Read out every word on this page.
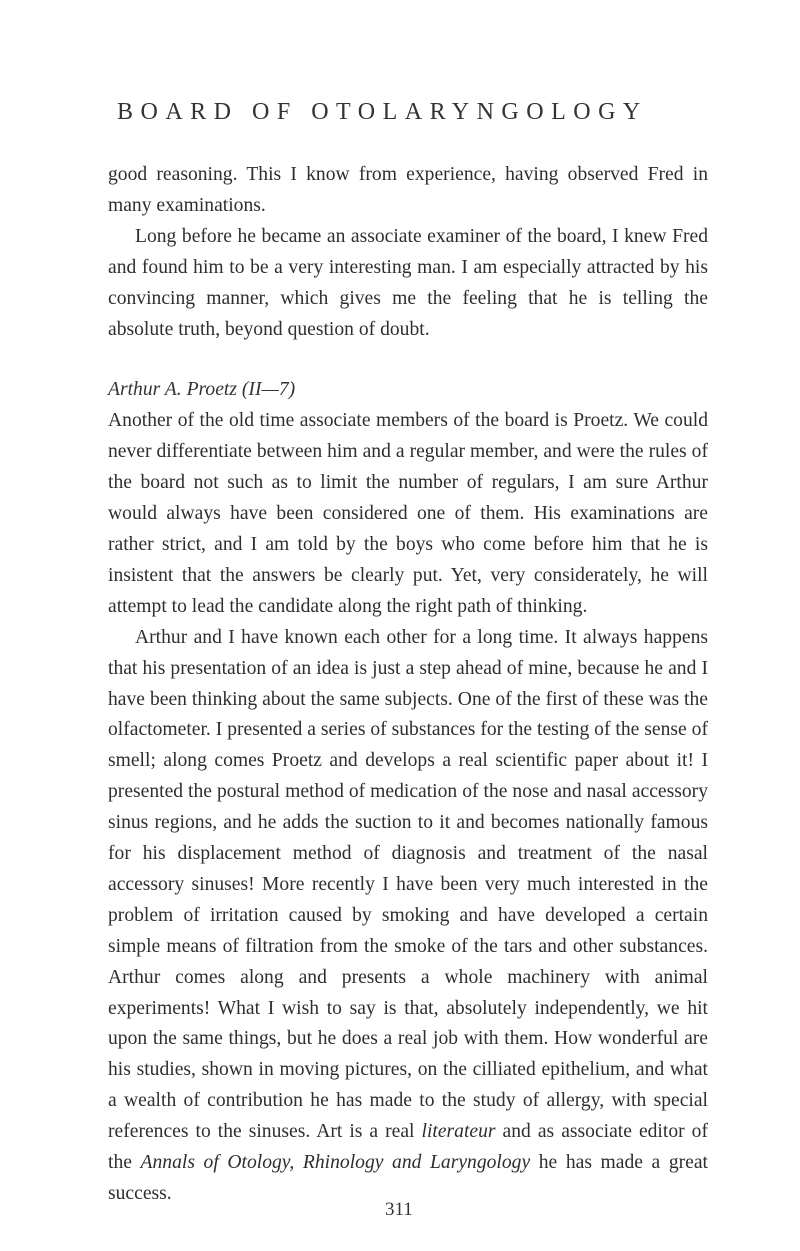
BOARD OF OTOLARYNGOLOGY

good reasoning. This I know from experience, having observed Fred in many examinations.

Long before he became an associate examiner of the board, I knew Fred and found him to be a very interesting man. I am especially attracted by his convincing manner, which gives me the feeling that he is telling the absolute truth, beyond question of doubt.

Arthur A. Proetz (II—7)

Another of the old time associate members of the board is Proetz. We could never differentiate between him and a regular member, and were the rules of the board not such as to limit the number of regulars, I am sure Arthur would always have been considered one of them. His examinations are rather strict, and I am told by the boys who come before him that he is insistent that the answers be clearly put. Yet, very considerately, he will attempt to lead the candidate along the right path of thinking.

Arthur and I have known each other for a long time. It always happens that his presentation of an idea is just a step ahead of mine, because he and I have been thinking about the same subjects. One of the first of these was the olfactometer. I presented a series of substances for the testing of the sense of smell; along comes Proetz and develops a real scientific paper about it! I presented the postural method of medication of the nose and nasal accessory sinus regions, and he adds the suction to it and becomes nationally famous for his displacement method of diagnosis and treatment of the nasal accessory sinuses! More recently I have been very much interested in the problem of irritation caused by smoking and have developed a certain simple means of filtration from the smoke of the tars and other substances. Arthur comes along and presents a whole machinery with animal experiments! What I wish to say is that, absolutely independently, we hit upon the same things, but he does a real job with them. How wonderful are his studies, shown in moving pictures, on the cilliated epithelium, and what a wealth of contribution he has made to the study of allergy, with special references to the sinuses. Art is a real literateur and as associate editor of the Annals of Otology, Rhinology and Laryngology he has made a great success.

311
